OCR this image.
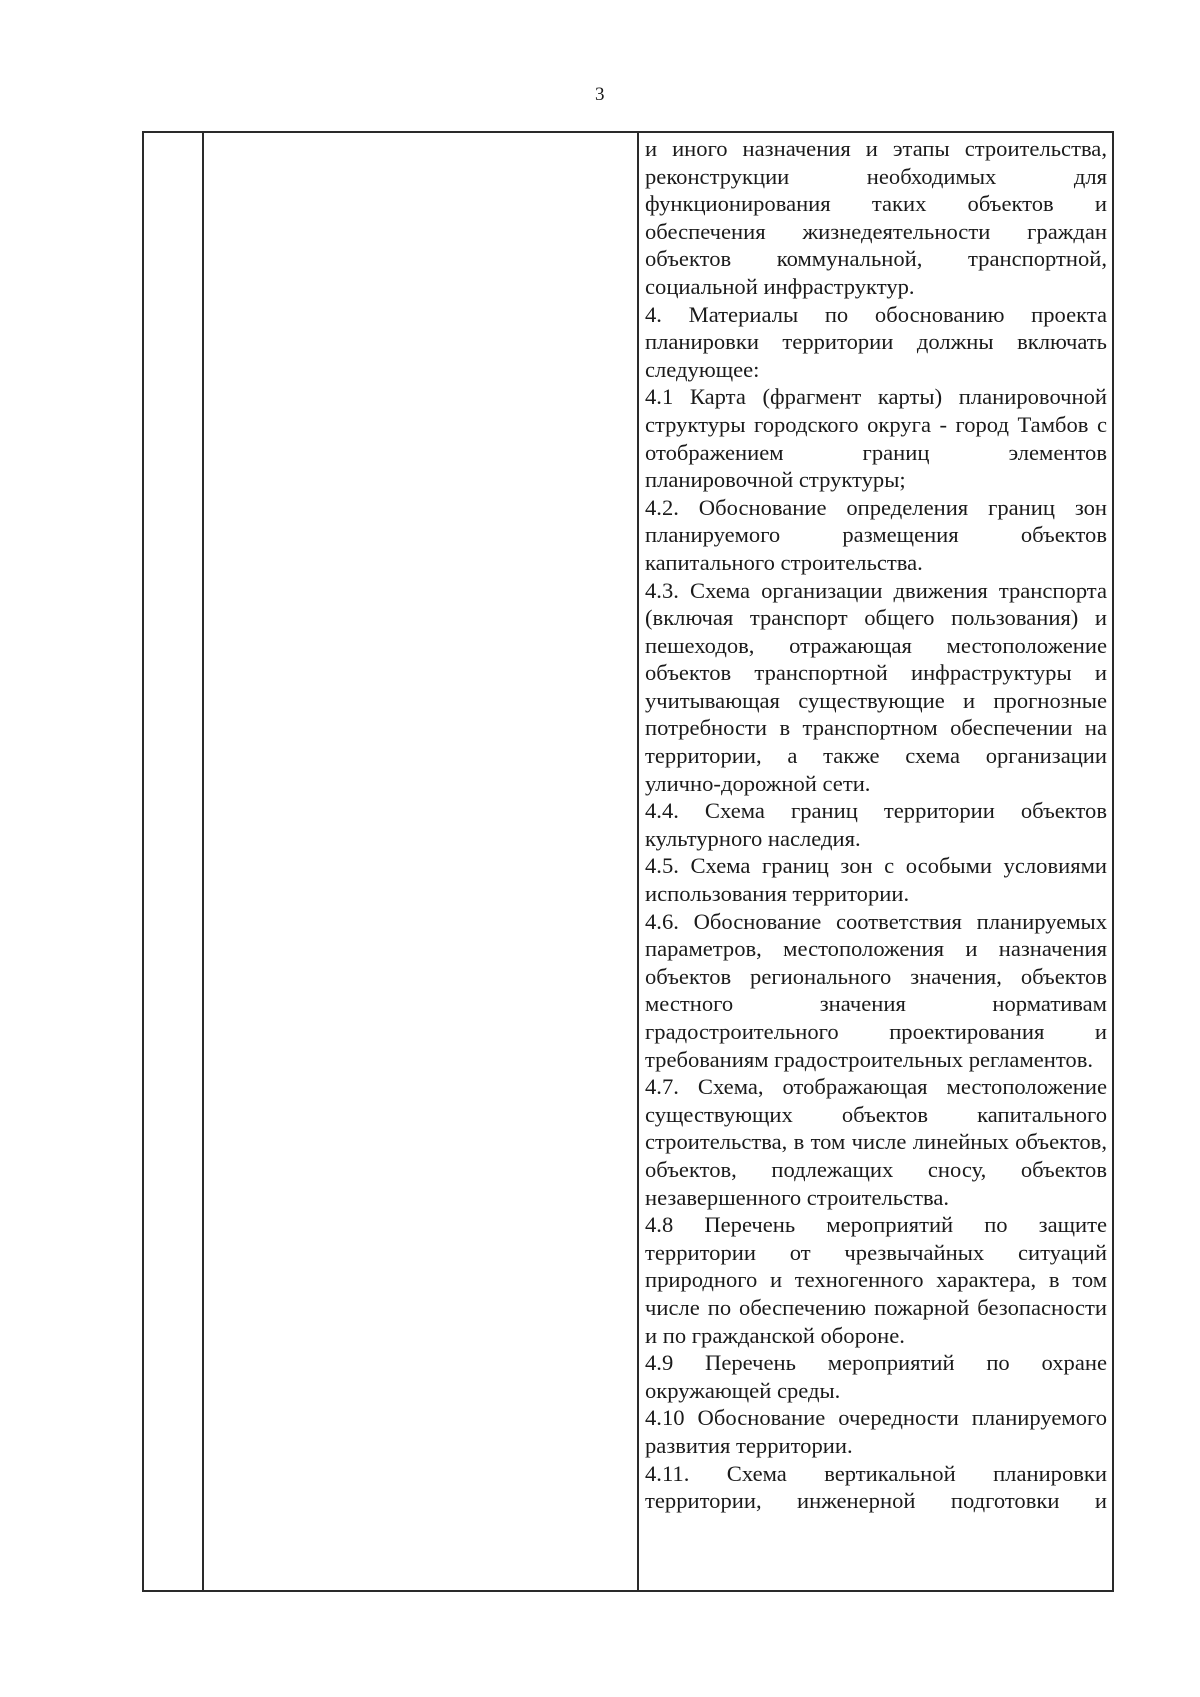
3

и иного назначения и этапы строительства, реконструкции необходимых для функционирования таких объектов и обеспечения жизнедеятельности граждан объектов коммунальной, транспортной, социальной инфраструктур.

4. Материалы по обоснованию проекта планировки территории должны включать следующее:

4.1 Карта (фрагмент карты) планировочной структуры городского округа - город Тамбов с отображением границ элементов планировочной структуры;

4.2. Обоснование определения границ зон планируемого размещения объектов капитального строительства.

4.3. Схема организации движения транспорта (включая транспорт общего пользования) и пешеходов, отражающая местоположение объектов транспортной инфраструктуры и учитывающая существующие и прогнозные потребности в транспортном обеспечении на территории, а также схема организации улично-дорожной сети.

4.4. Схема границ территории объектов культурного наследия.

4.5. Схема границ зон с особыми условиями использования территории.

4.6. Обоснование соответствия планируемых параметров, местоположения и назначения объектов регионального значения, объектов местного значения нормативам градостроительного проектирования и требованиям градостроительных регламентов.

4.7. Схема, отображающая местоположение существующих объектов капитального строительства, в том числе линейных объектов, объектов, подлежащих сносу, объектов незавершенного строительства.

4.8 Перечень мероприятий по защите территории от чрезвычайных ситуаций природного и техногенного характера, в том числе по обеспечению пожарной безопасности и по гражданской обороне.

4.9 Перечень мероприятий по охране окружающей среды.

4.10 Обоснование очередности планируемого развития территории.

4.11. Схема вертикальной планировки территории, инженерной подготовки и
